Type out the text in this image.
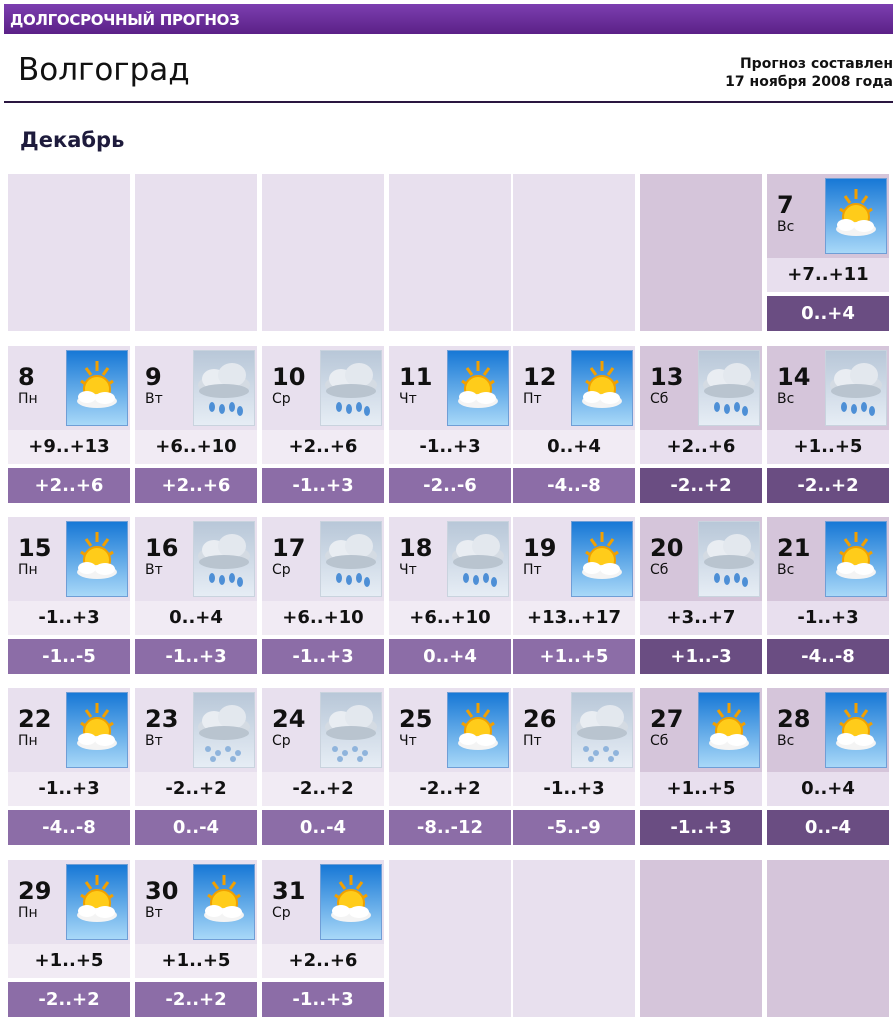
ДОЛГОСРОЧНЫЙ ПРОГНОЗ
Волгоград	Прогноз составлен
17 ноября 2008 года
Декабрь
7
Вс
+7..+11
0..+4
8
Пн
+9..+13
+2..+6
9
Вт
+6..+10
+2..+6
10
Ср
+2..+6
-1..+3
11
Чт
-1..+3
-2..-6
12
Пт
0..+4
-4..-8
13
Сб
+2..+6
-2..+2
14
Вс
+1..+5
-2..+2
15
Пн
-1..+3
-1..-5
16
Вт
0..+4
-1..+3
17
Ср
+6..+10
-1..+3
18
Чт
+6..+10
0..+4
19
Пт
+13..+17
+1..+5
20
Сб
+3..+7
+1..-3
21
Вс
-1..+3
-4..-8
22
Пн
-1..+3
-4..-8
23
Вт
-2..+2
0..-4
24
Ср
-2..+2
0..-4
25
Чт
-2..+2
-8..-12
26
Пт
-1..+3
-5..-9
27
Сб
+1..+5
-1..+3
28
Вс
0..+4
0..-4
29
Пн
+1..+5
-2..+2
30
Вт
+1..+5
-2..+2
31
Ср
+2..+6
-1..+3
